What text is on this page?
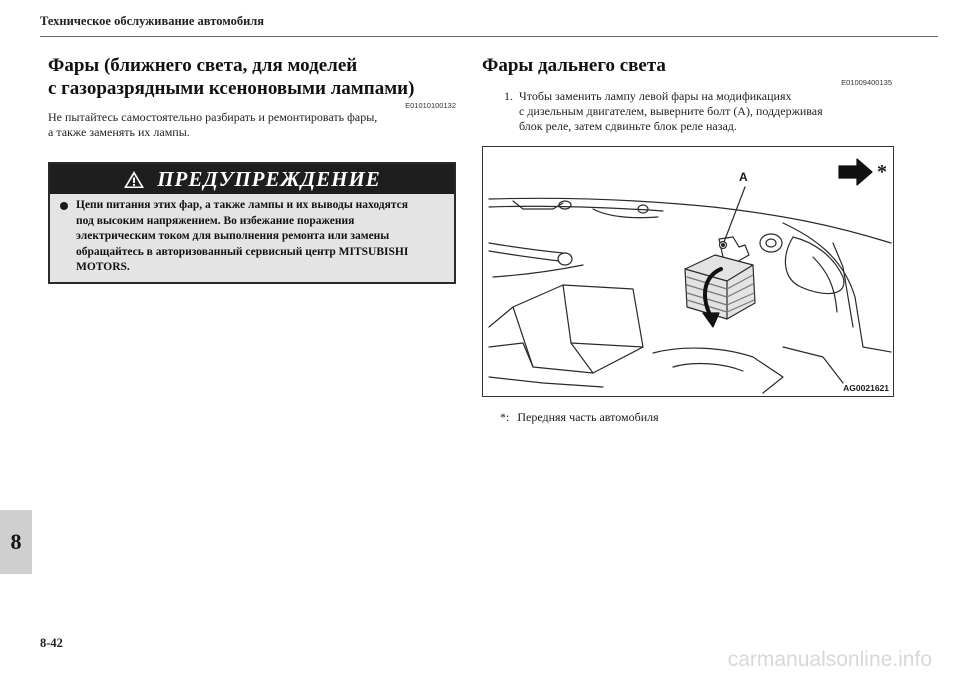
Техническое обслуживание автомобиля
8
8-42
carmanualsonline.info
Фары (ближнего света, для моделей
с газоразрядными ксеноновыми лампами)
E01010100132
Не пытайтесь самостоятельно разбирать и ремонтировать фары,
а также заменять их лампы.
ПРЕДУПРЕЖДЕНИЕ
Цепи питания этих фар, а также лампы и их выводы находятся
под высоким напряжением. Во избежание поражения
электрическим током для выполнения ремонта или замены
обращайтесь в авторизованный сервисный центр MITSUBISHI
MOTORS.
Фары дальнего света
E01009400135
1. Чтобы заменить лампу левой фары на модификациях
с дизельным двигателем, выверните болт (A), поддерживая
блок реле, затем сдвиньте блок реле назад.
A	*
AG0021621
*: Передняя часть автомобиля
